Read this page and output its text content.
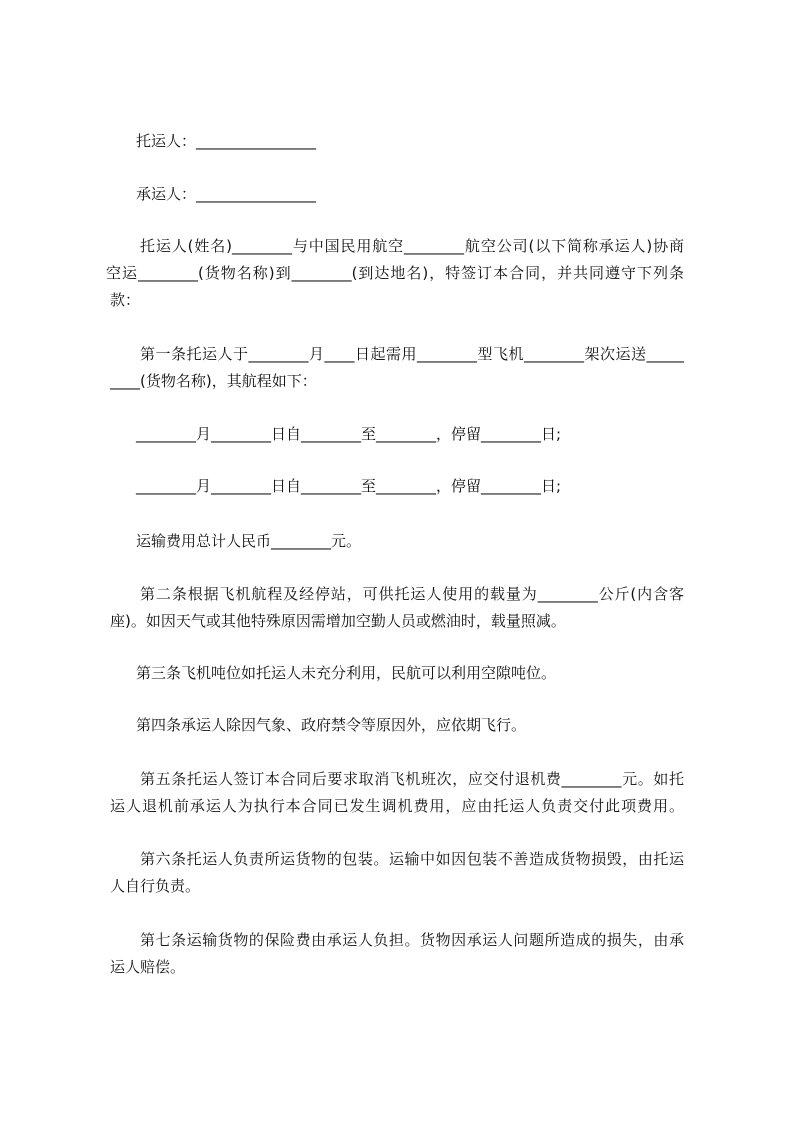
托运人：________________
承运人：________________
托运人(姓名)________与中国民用航空________航空公司(以下简称承运人)协商
空运________(货物名称)到________(到达地名)，特签订本合同，并共同遵守下列条
款：
第一条托运人于________月____日起需用________型飞机________架次运送_____
____(货物名称)，其航程如下：
________月________日自________至________，停留________日;
________月________日自________至________，停留________日;
运输费用总计人民币________元。
第二条根据飞机航程及经停站，可供托运人使用的载量为________公斤(内含客
座)。如因天气或其他特殊原因需增加空勤人员或燃油时，载量照减。
第三条飞机吨位如托运人未充分利用，民航可以利用空隙吨位。
第四条承运人除因气象、政府禁令等原因外，应依期飞行。
第五条托运人签订本合同后要求取消飞机班次，应交付退机费________元。如托
运人退机前承运人为执行本合同已发生调机费用，应由托运人负责交付此项费用。
第六条托运人负责所运货物的包装。运输中如因包装不善造成货物损毁，由托运
人自行负责。
第七条运输货物的保险费由承运人负担。货物因承运人问题所造成的损失，由承
运人赔偿。
